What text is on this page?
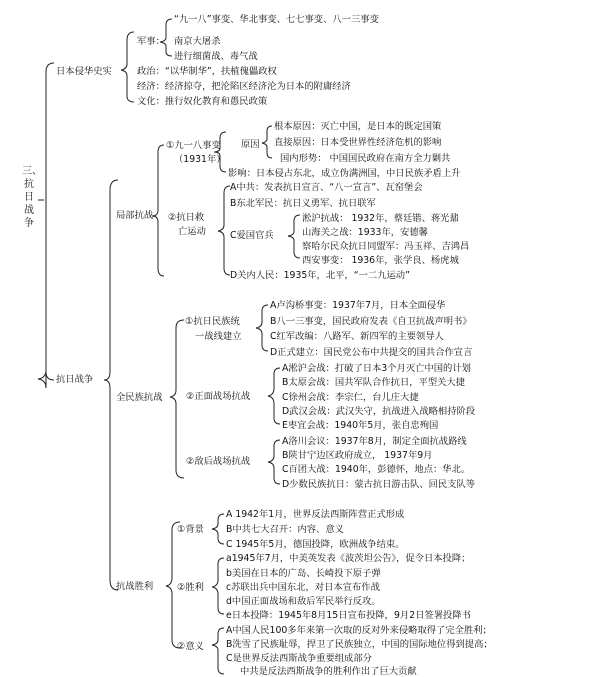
三、
抗
日
战
争
日本侵华史实
军事：
“九一八”事变、华北事变、七七事变、八一三事变
南京大屠杀
进行细菌战、毒气战
政治：“以华制华”，扶植傀儡政权
经济：经济掠夺，把沦陷区经济沦为日本的附庸经济
文化：推行奴化教育和愚民政策
抗日战争
局部抗战
①九一八事变
（1931年）
原因
根本原因：灭亡中国，是日本的既定国策
直接原因：日本受世界性经济危机的影响
国内形势： 中国国民政府在南方全力剿共
影响：日本侵占东北，成立伪满洲国，中日民族矛盾上升
②抗日救
亡运动
A中共：发表抗日宣言、“八一宣言”、瓦窑堡会
B东北军民：抗日义勇军、抗日联军
C爱国官兵
淞沪抗战： 1932年，蔡廷锴、蒋光鼐
山海关之战：1933年，安德馨
察哈尔民众抗日同盟军：冯玉祥、吉鸿昌
西安事变： 1936年，张学良、杨虎城
D关内人民：1935年，北平，“一二九运动”
全民族抗战
①抗日民族统
一战线建立
A卢沟桥事变：1937年7月，日本全面侵华
B八一三事变，国民政府发表《自卫抗战声明书》
C红军改编：八路军、新四军的主要领导人
D正式建立：国民党公布中共提交的国共合作宣言
②正面战场抗战
A淞沪会战：打破了日本3个月灭亡中国的计划
B太原会战：国共军队合作抗日，平型关大捷
C徐州会战：李宗仁，台儿庄大捷
D武汉会战：武汉失守，抗战进入战略相持阶段
E枣宜会战：1940年5月，张自忠殉国
②敌后战场抗战
A洛川会议：1937年8月，制定全面抗战路线
B陕甘宁边区政府成立， 1937年9月
C百团大战：1940年，彭德怀，地点：华北。
D少数民族抗日：蒙古抗日游击队、回民支队等
抗战胜利
①背景
A 1942年1月，世界反法西斯阵营正式形成
B中共七大召开：内容、意义
C 1945年5月，德国投降，欧洲战争结束。
②胜利
a1945年7月，中美英发表《波茨坦公告》，促令日本投降；
b美国在日本的广岛、长崎投下原子弹
c苏联出兵中国东北，对日本宣布作战
d中国正面战场和敌后军民举行反攻。
e日本投降：1945年8月15日宣布投降，9月2日签署投降书
②意义
A中国人民100多年来第一次取的反对外来侵略取得了完全胜利；
B洗雪了民族耻辱，捍卫了民族独立，中国的国际地位得到提高；
C是世界反法西斯战争重要组成部分
中共是反法西斯战争的胜利作出了巨大贡献
